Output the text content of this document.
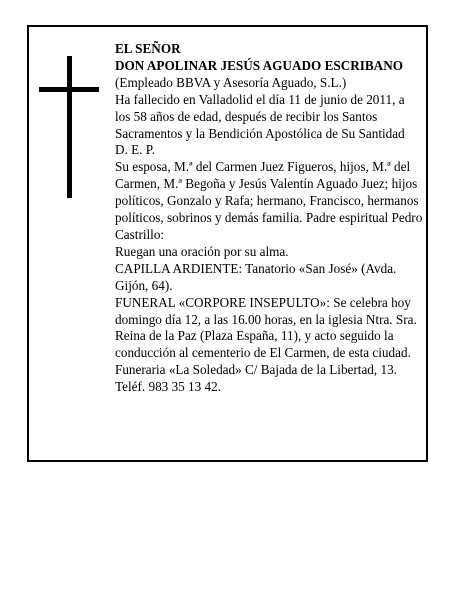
EL SEÑOR

DON APOLINAR JESÚS AGUADO ESCRIBANO

(Empleado BBVA y Asesoría Aguado, S.L.)

Ha fallecido en Valladolid el día 11 de junio de 2011, a los 58 años de edad, después de recibir los Santos Sacramentos y la Bendición Apostólica de Su Santidad

D. E. P.

Su esposa, M.ª del Carmen Juez Figueros, hijos, M.ª del Carmen, M.ª Begoña y Jesús Valentín Aguado Juez; hijos políticos, Gonzalo y Rafa; hermano, Francisco, hermanos políticos, sobrinos y demás familia. Padre espiritual Pedro Castrillo:

Ruegan una oración por su alma.

CAPILLA ARDIENTE: Tanatorio «San José» (Avda. Gijón, 64).

FUNERAL «CORPORE INSEPULTO»: Se celebra hoy domingo día 12, a las 16.00 horas, en la iglesia Ntra. Sra. Reina de la Paz (Plaza España, 11), y acto seguido la conducción al cementerio de El Carmen, de esta ciudad.

Funeraria «La Soledad» C/ Bajada de la Libertad, 13. Teléf. 983 35 13 42.
